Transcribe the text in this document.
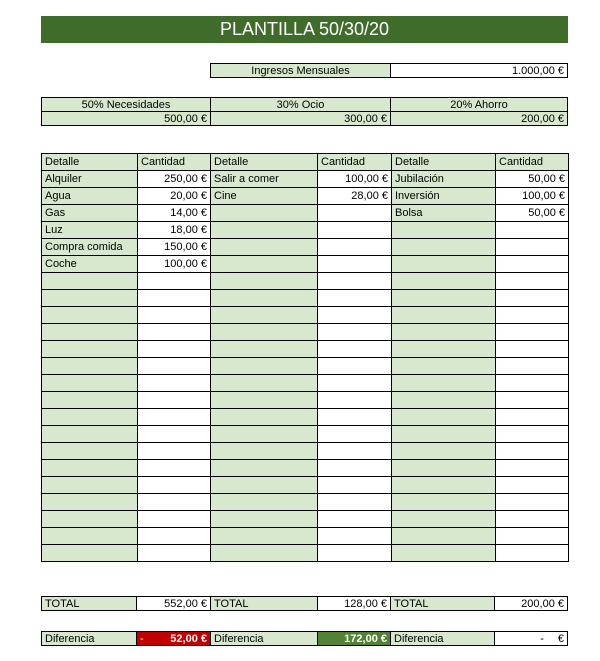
PLANTILLA 50/30/20
Ingresos Mensuales	1.000,00 €
50% Necesidades	30% Ocio	20% Ahorro
500,00 €	300,00 €	200,00 €
Detalle	Cantidad	Detalle	Cantidad	Detalle	Cantidad
Alquiler	250,00 €	Salir a comer	100,00 €	Jubilación	50,00 €
Agua	20,00 €	Cine	28,00 €	Inversión	100,00 €
Gas	14,00 €			Bolsa	50,00 €
Luz	18,00 €				
Compra comida	150,00 €				
Coche	100,00 €				

TOTAL	552,00 € TOTAL	128,00 € TOTAL	200,00 €
Diferencia	- 52,00 € Diferencia	172,00 € Diferencia	- €
